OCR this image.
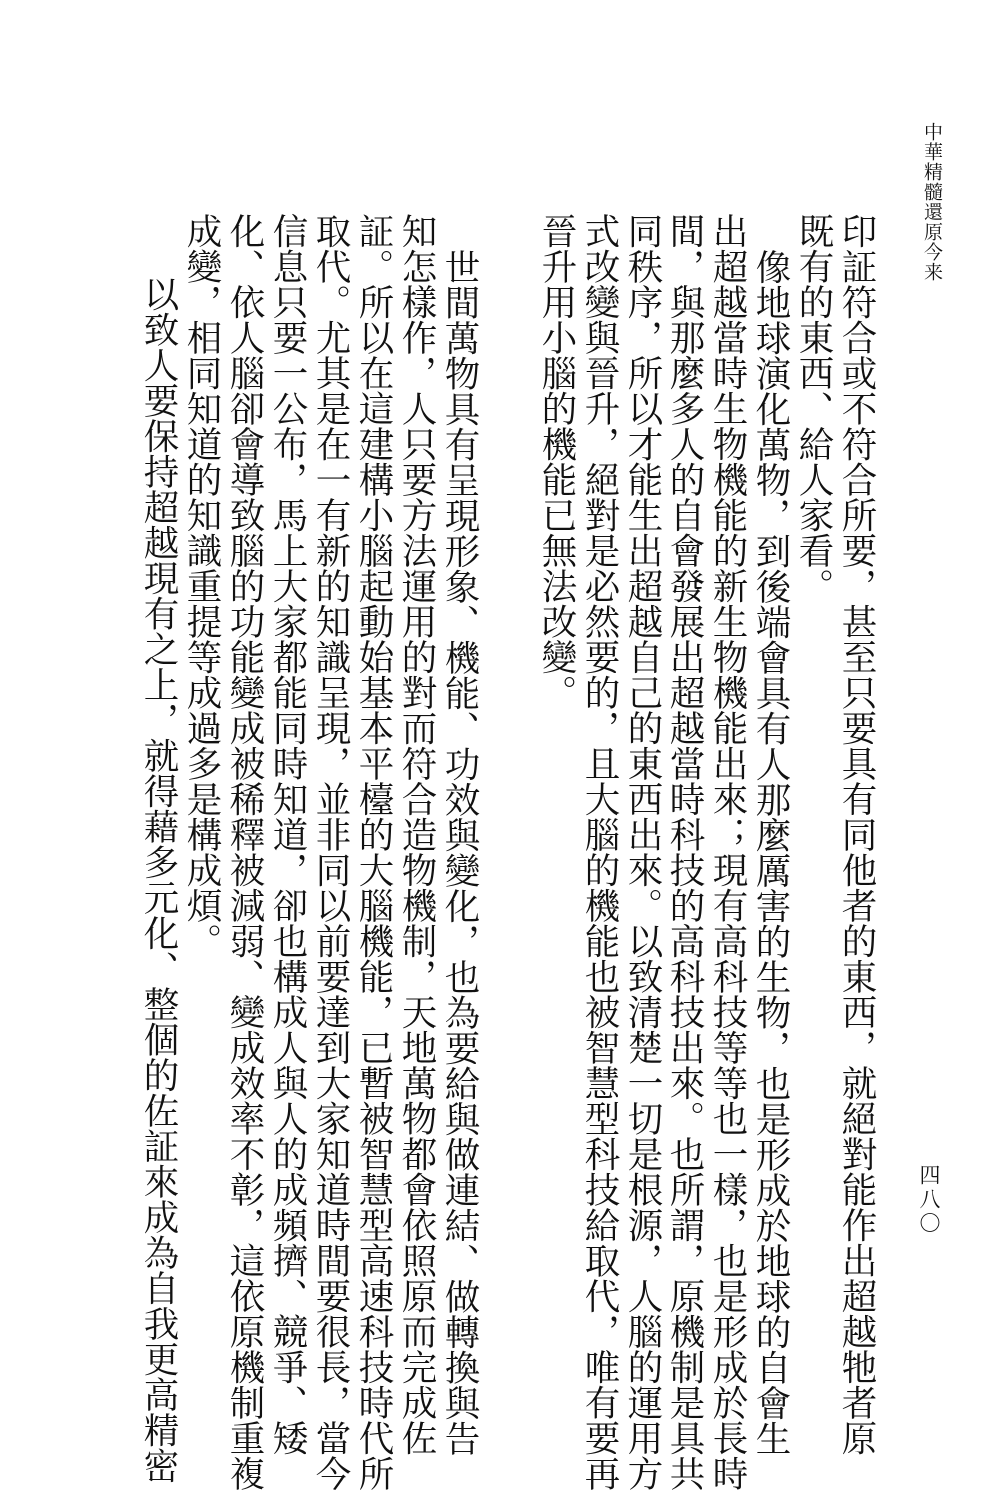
中華精髓還原今来
四八〇
印証符合或不符合所要，甚至只要具有同他者的東西，就絕對能作出超越牠者原
既有的東西、給人家看。
像地球演化萬物，到後端會具有人那麼厲害的生物，也是形成於地球的自會生
出超越當時生物機能的新生物機能出來；現有高科技等等也一樣，也是形成於長時
間，與那麼多人的自會發展出超越當時科技的高科技出來。也所謂，原機制是具共
同秩序，所以才能生出超越自己的東西出來。以致清楚一切是根源，人腦的運用方
式改變與晉升，絕對是必然要的，且大腦的機能也被智慧型科技給取代，唯有要再
晉升用小腦的機能已無法改變。
世間萬物具有呈現形象、機能、功效與變化，也為要給與做連結、做轉換與告
知怎樣作，人只要方法運用的對而符合造物機制，天地萬物都會依照原而完成佐
証。所以在這建構小腦起動始基本平檯的大腦機能，已暫被智慧型高速科技時代所
取代。尤其是在一有新的知識呈現，並非同以前要達到大家知道時間要很長，當今
信息只要一公布，馬上大家都能同時知道，卻也構成人與人的成頻擠、競爭、矮
化、依人腦卻會導致腦的功能變成被稀釋被減弱、變成效率不彰，這依原機制重複
成變，相同知道的知識重提等成過多是構成煩。
以致人要保持超越現有之上，就得藉多元化、整個的佐証來成為自我更高精密
